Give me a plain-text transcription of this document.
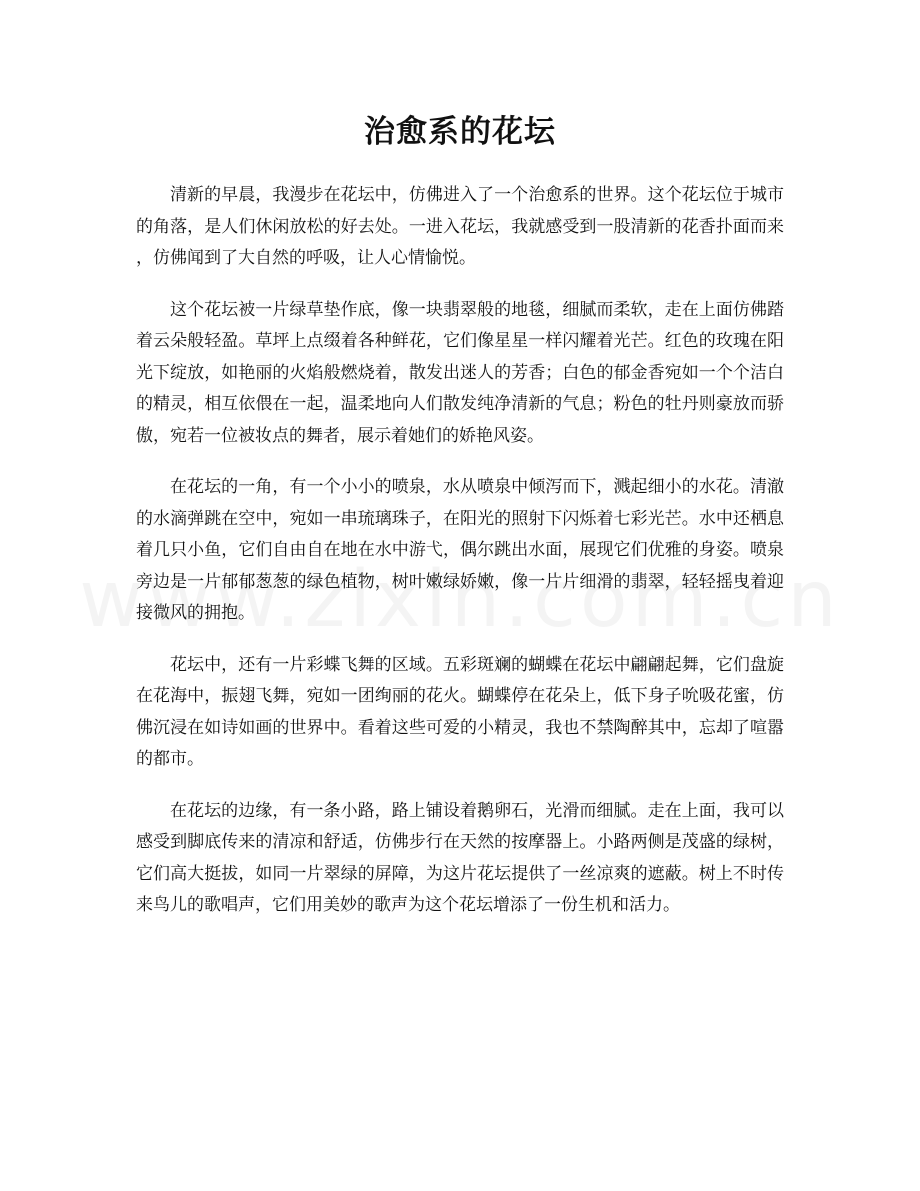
治愈系的花坛

清新的早晨，我漫步在花坛中，仿佛进入了一个治愈系的世界。这个花坛位于城市的角落，是人们休闲放松的好去处。一进入花坛，我就感受到一股清新的花香扑面而来，仿佛闻到了大自然的呼吸，让人心情愉悦。

这个花坛被一片绿草垫作底，像一块翡翠般的地毯，细腻而柔软，走在上面仿佛踏着云朵般轻盈。草坪上点缀着各种鲜花，它们像星星一样闪耀着光芒。红色的玫瑰在阳光下绽放，如艳丽的火焰般燃烧着，散发出迷人的芳香；白色的郁金香宛如一个个洁白的精灵，相互依偎在一起，温柔地向人们散发纯净清新的气息；粉色的牡丹则豪放而骄傲，宛若一位被妆点的舞者，展示着她们的娇艳风姿。

在花坛的一角，有一个小小的喷泉，水从喷泉中倾泻而下，溅起细小的水花。清澈的水滴弹跳在空中，宛如一串琉璃珠子，在阳光的照射下闪烁着七彩光芒。水中还栖息着几只小鱼，它们自由自在地在水中游弋，偶尔跳出水面，展现它们优雅的身姿。喷泉旁边是一片郁郁葱葱的绿色植物，树叶嫩绿娇嫩，像一片片细滑的翡翠，轻轻摇曳着迎接微风的拥抱。

花坛中，还有一片彩蝶飞舞的区域。五彩斑斓的蝴蝶在花坛中翩翩起舞，它们盘旋在花海中，振翅飞舞，宛如一团绚丽的花火。蝴蝶停在花朵上，低下身子吮吸花蜜，仿佛沉浸在如诗如画的世界中。看着这些可爱的小精灵，我也不禁陶醉其中，忘却了喧嚣的都市。

在花坛的边缘，有一条小路，路上铺设着鹅卵石，光滑而细腻。走在上面，我可以感受到脚底传来的清凉和舒适，仿佛步行在天然的按摩器上。小路两侧是茂盛的绿树，它们高大挺拔，如同一片翠绿的屏障，为这片花坛提供了一丝凉爽的遮蔽。树上不时传来鸟儿的歌唱声，它们用美妙的歌声为这个花坛增添了一份生机和活力。
